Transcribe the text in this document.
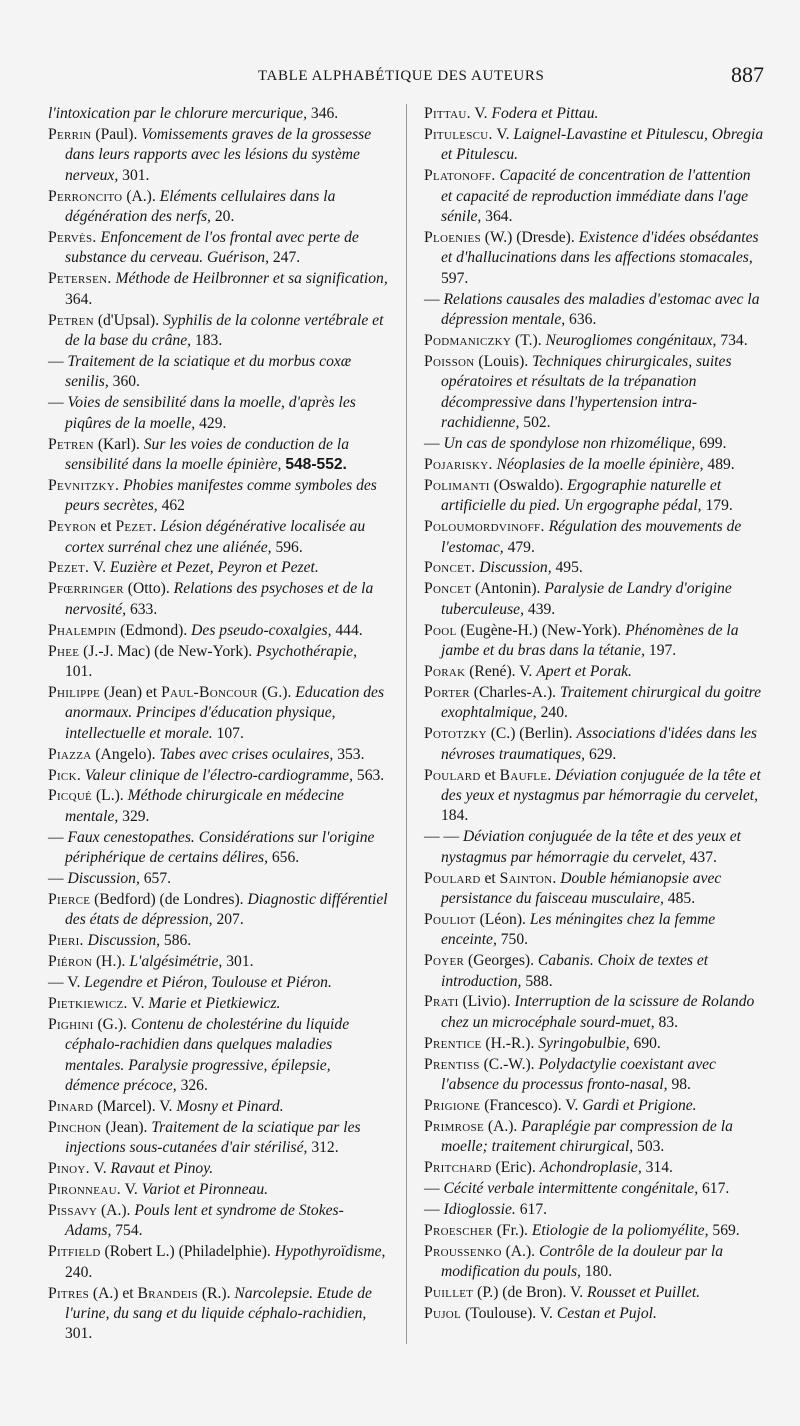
TABLE ALPHABÉTIQUE DES AUTEURS	887
l'intoxication par le chlorure mercurique, 346.
Perrin (Paul). Vomissements graves de la grossesse dans leurs rapports avec les lésions du système nerveux, 301.
Perroncito (A.). Eléments cellulaires dans la dégénération des nerfs, 20.
Pervès. Enfoncement de l'os frontal avec perte de substance du cerveau. Guérison, 247.
Petersen. Méthode de Heilbronner et sa signification, 364.
Petren (d'Upsal). Syphilis de la colonne vertébrale et de la base du crâne, 183.
— Traitement de la sciatique et du morbus coxæ senilis, 360.
— Voies de sensibilité dans la moelle, d'après les piqûres de la moelle, 429.
Petren (Karl). Sur les voies de conduction de la sensibilité dans la moelle épinière, 548-552.
Pevnitzky. Phobies manifestes comme symboles des peurs secrètes, 462
Peyron et Pezet. Lésion dégénérative localisée au cortex surrénal chez une aliénée, 596.
Pezet. V. Euzière et Pezet, Peyron et Pezet.
Pfœrringer (Otto). Relations des psychoses et de la nervosité, 633.
Phalempin (Edmond). Des pseudo-coxalgies, 444.
Phee (J.-J. Mac) (de New-York). Psychothérapie, 101.
Philippe (Jean) et Paul-Boncour (G.). Education des anormaux. Principes d'éducation physique, intellectuelle et morale. 107.
Piazza (Angelo). Tabes avec crises oculaires, 353.
Pick. Valeur clinique de l'électro-cardiogramme, 563.
Picqué (L.). Méthode chirurgicale en médecine mentale, 329.
— Faux cenestopathes. Considérations sur l'origine périphérique de certains délires, 656.
— Discussion, 657.
Pierce (Bedford) (de Londres). Diagnostic différentiel des états de dépression, 207.
Pieri. Discussion, 586.
Piéron (H.). L'algésimétrie, 301.
— V. Legendre et Piéron, Toulouse et Piéron.
Pietkiewicz. V. Marie et Pietkiewicz.
Pighini (G.). Contenu de cholestérine du liquide céphalo-rachidien dans quelques maladies mentales. Paralysie progressive, épilepsie, démence précoce, 326.
Pinard (Marcel). V. Mosny et Pinard.
Pinchon (Jean). Traitement de la sciatique par les injections sous-cutanées d'air stérilisé, 312.
Pinoy. V. Ravaut et Pinoy.
Pironneau. V. Variot et Pironneau.
Pissavy (A.). Pouls lent et syndrome de Stokes-Adams, 754.
Pitfield (Robert L.) (Philadelphie). Hypothyroïdisme, 240.
Pitres (A.) et Brandeis (R.). Narcolepsie. Etude de l'urine, du sang et du liquide céphalo-rachidien, 301.
Pittau. V. Fodera et Pittau.
Pitulescu. V. Laignel-Lavastine et Pitulescu, Obregia et Pitulescu.
Platonoff. Capacité de concentration de l'attention et capacité de reproduction immédiate dans l'age sénile, 364.
Ploenies (W.) (Dresde). Existence d'idées obsédantes et d'hallucinations dans les affections stomacales, 597.
— Relations causales des maladies d'estomac avec la dépression mentale, 636.
Podmaniczky (T.). Neurogliomes congénitaux, 734.
Poisson (Louis). Techniques chirurgicales, suites opératoires et résultats de la trépanation décompressive dans l'hypertension intra-rachidienne, 502.
— Un cas de spondylose non rhizomélique, 699.
Pojarisky. Néoplasies de la moelle épinière, 489.
Polimanti (Oswaldo). Ergographie naturelle et artificielle du pied. Un ergographe pédal, 179.
Poloumordvinoff. Régulation des mouvements de l'estomac, 479.
Poncet. Discussion, 495.
Poncet (Antonin). Paralysie de Landry d'origine tuberculeuse, 439.
Pool (Eugène-H.) (New-York). Phénomènes de la jambe et du bras dans la tétanie, 197.
Porak (René). V. Apert et Porak.
Porter (Charles-A.). Traitement chirurgical du goitre exophtalmique, 240.
Pototzky (C.) (Berlin). Associations d'idées dans les névroses traumatiques, 629.
Poulard et Baufle. Déviation conjuguée de la tête et des yeux et nystagmus par hémorragie du cervelet, 184.
— — Déviation conjuguée de la tête et des yeux et nystagmus par hémorragie du cervelet, 437.
Poulard et Sainton. Double hémianopsie avec persistance du faisceau musculaire, 485.
Pouliot (Léon). Les méningites chez la femme enceinte, 750.
Poyer (Georges). Cabanis. Choix de textes et introduction, 588.
Prati (Livio). Interruption de la scissure de Rolando chez un microcéphale sourd-muet, 83.
Prentice (H.-R.). Syringobulbie, 690.
Prentiss (C.-W.). Polydactylie coexistant avec l'absence du processus fronto-nasal, 98.
Prigione (Francesco). V. Gardi et Prigione.
Primrose (A.). Paraplégie par compression de la moelle; traitement chirurgical, 503.
Pritchard (Eric). Achondroplasie, 314.
— Cécité verbale intermittente congénitale, 617.
— Idioglossie. 617.
Proescher (Fr.). Etiologie de la poliomyélite, 569.
Proussenko (A.). Contrôle de la douleur par la modification du pouls, 180.
Puillet (P.) (de Bron). V. Rousset et Puillet.
Pujol (Toulouse). V. Cestan et Pujol.
